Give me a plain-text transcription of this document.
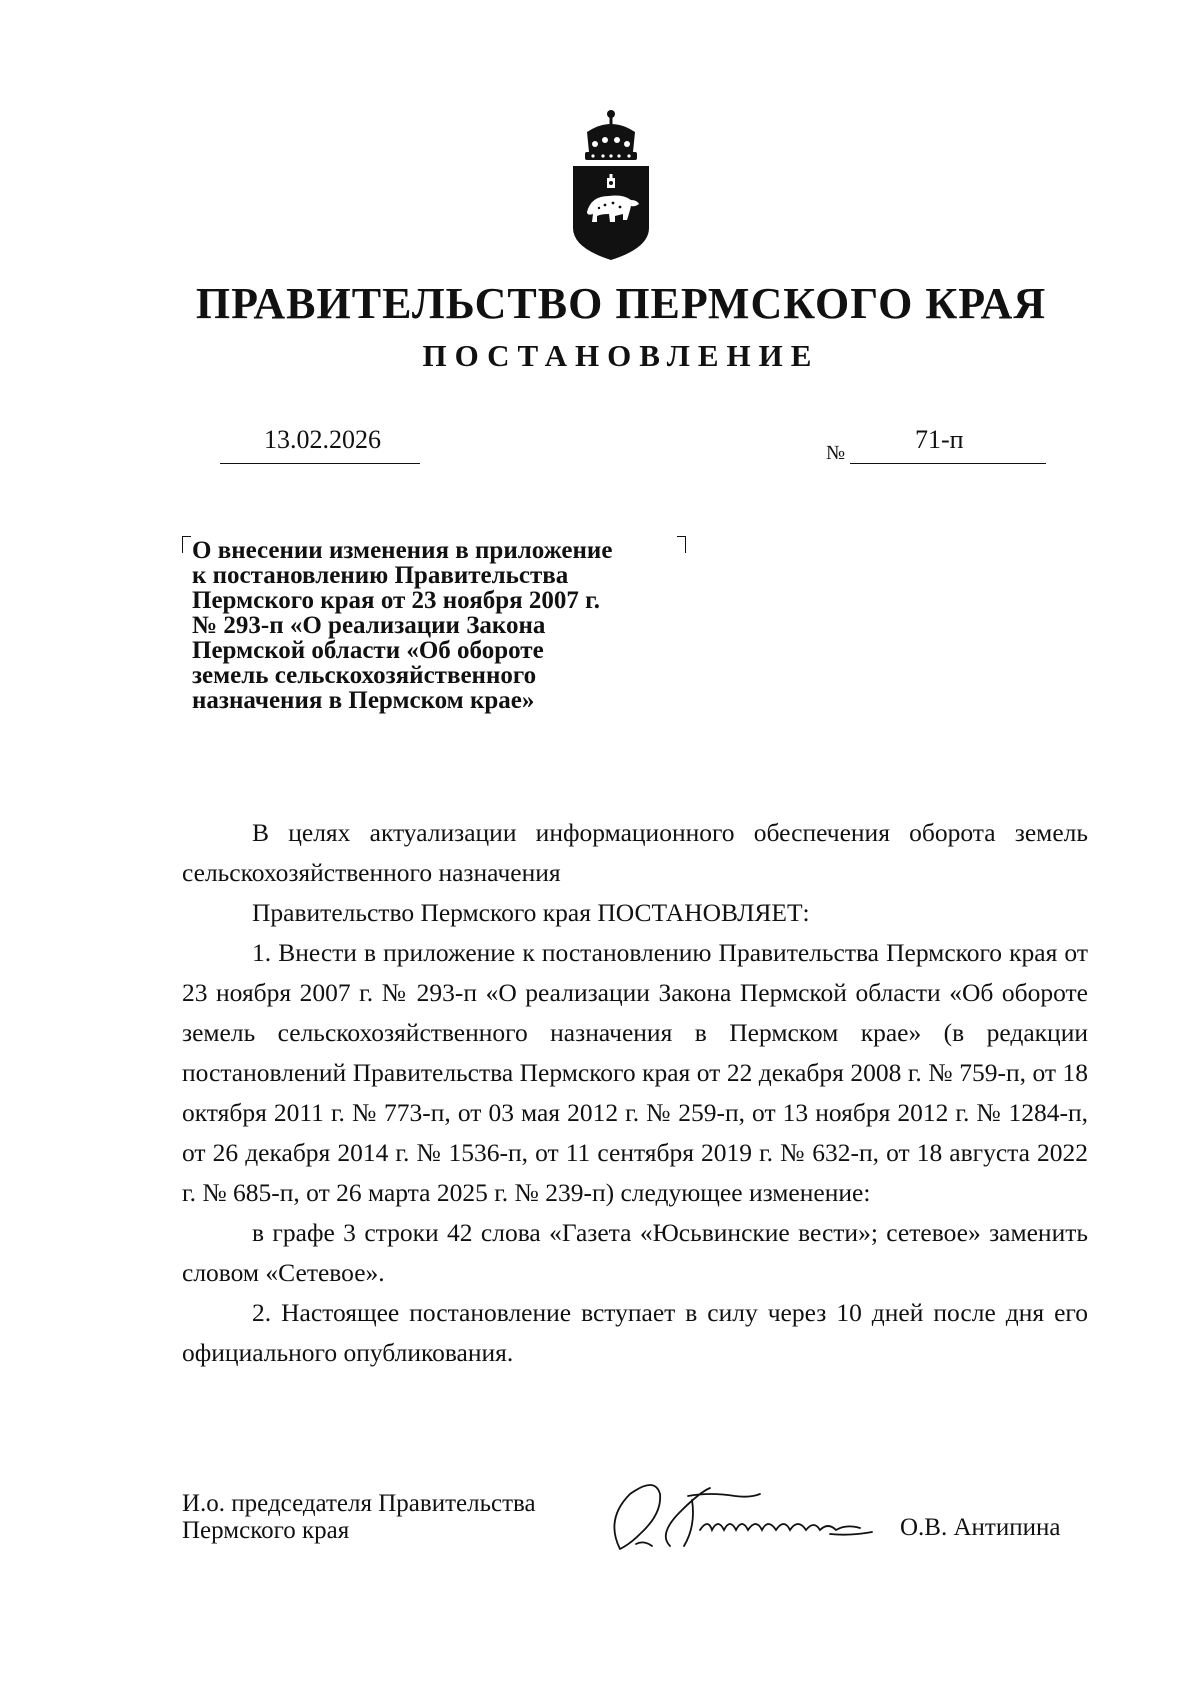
ПРАВИТЕЛЬСТВО ПЕРМСКОГО КРАЯ
ПОСТАНОВЛЕНИЕ
13.02.2026	№	71-п
О внесении изменения в приложение
к постановлению Правительства
Пермского края от 23 ноября 2007 г.
№ 293-п «О реализации Закона
Пермской области «Об обороте
земель сельскохозяйственного
назначения в Пермском крае»

В целях актуализации информационного обеспечения оборота земель сельскохозяйственного назначения

Правительство Пермского края ПОСТАНОВЛЯЕТ:

1. Внести в приложение к постановлению Правительства Пермского края от 23 ноября 2007 г. № 293-п «О реализации Закона Пермской области «Об обороте земель сельскохозяйственного назначения в Пермском крае» (в редакции постановлений Правительства Пермского края от 22 декабря 2008 г. № 759-п, от 18 октября 2011 г. № 773-п, от 03 мая 2012 г. № 259-п, от 13 ноября 2012 г. № 1284-п, от 26 декабря 2014 г. № 1536-п, от 11 сентября 2019 г. № 632-п, от 18 августа 2022 г. № 685-п, от 26 марта 2025 г. № 239-п) следующее изменение:

в графе 3 строки 42 слова «Газета «Юсьвинские вести»; сетевое» заменить словом «Сетевое».

2. Настоящее постановление вступает в силу через 10 дней после дня его официального опубликования.

И.о. председателя Правительства
Пермского края	О.В. Антипина
